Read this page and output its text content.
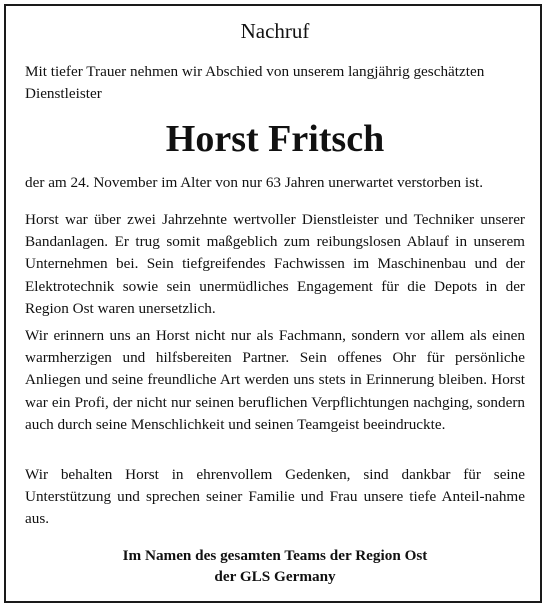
Nachruf

Mit tiefer Trauer nehmen wir Abschied von unserem langjährig geschätzten Dienstleister

Horst Fritsch

der am 24. November im Alter von nur 63 Jahren unerwartet verstorben ist.

Horst war über zwei Jahrzehnte wertvoller Dienstleister und Techniker unserer Bandanlagen. Er trug somit maßgeblich zum reibungslosen Ablauf in unserem Unternehmen bei. Sein tiefgreifendes Fachwissen im Maschinenbau und der Elektrotechnik sowie sein unermüdliches Engagement für die Depots in der Region Ost waren unersetzlich.

Wir erinnern uns an Horst nicht nur als Fachmann, sondern vor allem als einen warmherzigen und hilfsbereiten Partner. Sein offenes Ohr für persönliche Anliegen und seine freundliche Art werden uns stets in Erinnerung bleiben. Horst war ein Profi, der nicht nur seinen beruflichen Verpflichtungen nachging, sondern auch durch seine Menschlichkeit und seinen Teamgeist beeindruckte.

Wir behalten Horst in ehrenvollem Gedenken, sind dankbar für seine Unterstützung und sprechen seiner Familie und Frau unsere tiefe Anteil-nahme aus.

Im Namen des gesamten Teams der Region Ost
der GLS Germany
